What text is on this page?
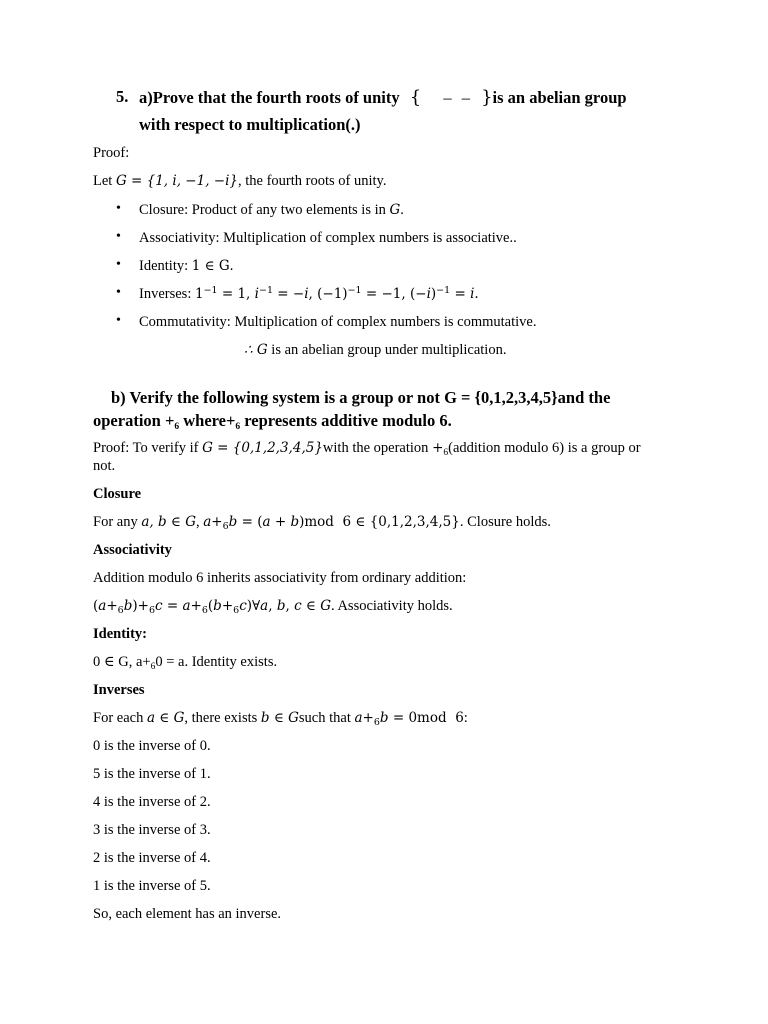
5. a)Prove that the fourth roots of unity { – – }is an abelian group
with respect to multiplication(.)
Proof:
Let G = {1, i, −1, −i}, the fourth roots of unity.
• Closure: Product of any two elements is in G.
• Associativity: Multiplication of complex numbers is associative..
• Identity: 1 ∈ G.
• Inverses: $1^{-1} = 1$, $i^{-1} = -i$, $(-1)^{-1} = -1$, $(-i)^{-1} = i$.
• Commutativity: Multiplication of complex numbers is commutative.
∴ G is an abelian group under multiplication.
b) Verify the following system is a group or not G = {0,1,2,3,4,5}and the
operation $+_6$ $where+_6$ represents additive modulo 6.
Proof: To verify if G = {0,1,2,3,4,5}with the operation $+_6(addition$ modulo 6) is a group or
not.
Closure
For any a, b ∈ G, $a+_6b = (a + b)mod$  6 ∈ {0,1,2,3,4,5}. Closure holds.
Associativity
Addition modulo 6 inherits associativity from ordinary addition:
$(a+_6b)+_6c$ = $a+_6(b+_6c)\forall a$, b, c ∈ G. Associativity holds.
Identity:
0 ∈ G, $a+_60 = a$. Identity exists.
Inverses
For each a ∈ G, there exists b ∈ Gsuch that $a+_6b = 0mod$  6:
0 is the inverse of 0.
5 is the inverse of 1.
4 is the inverse of 2.
3 is the inverse of 3.
2 is the inverse of 4.
1 is the inverse of 5.
So, each element has an inverse.
